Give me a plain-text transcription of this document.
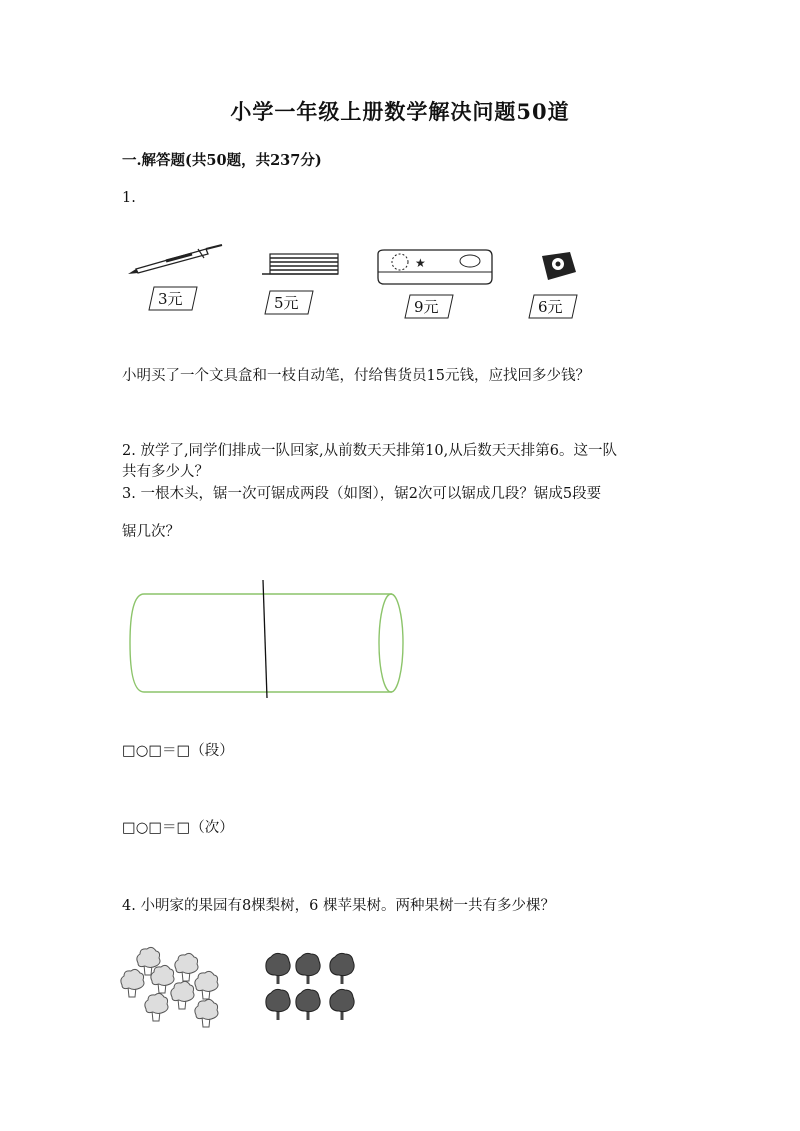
小学一年级上册数学解决问题50道
一.解答题(共50题，共237分)
1.
3元	5元
★
9元	6元
小明买了一个文具盒和一枝自动笔，付给售货员15元钱，应找回多少钱？
2. 放学了,同学们排成一队回家,从前数天天排第10,从后数天天排第6。这一队
共有多少人？
3. 一根木头，锯一次可锯成两段（如图），锯2次可以锯成几段？锯成5段要
锯几次？
□○□＝□（段）
□○□＝□（次）
4. 小明家的果园有8棵梨树，6 棵苹果树。两种果树一共有多少棵？
